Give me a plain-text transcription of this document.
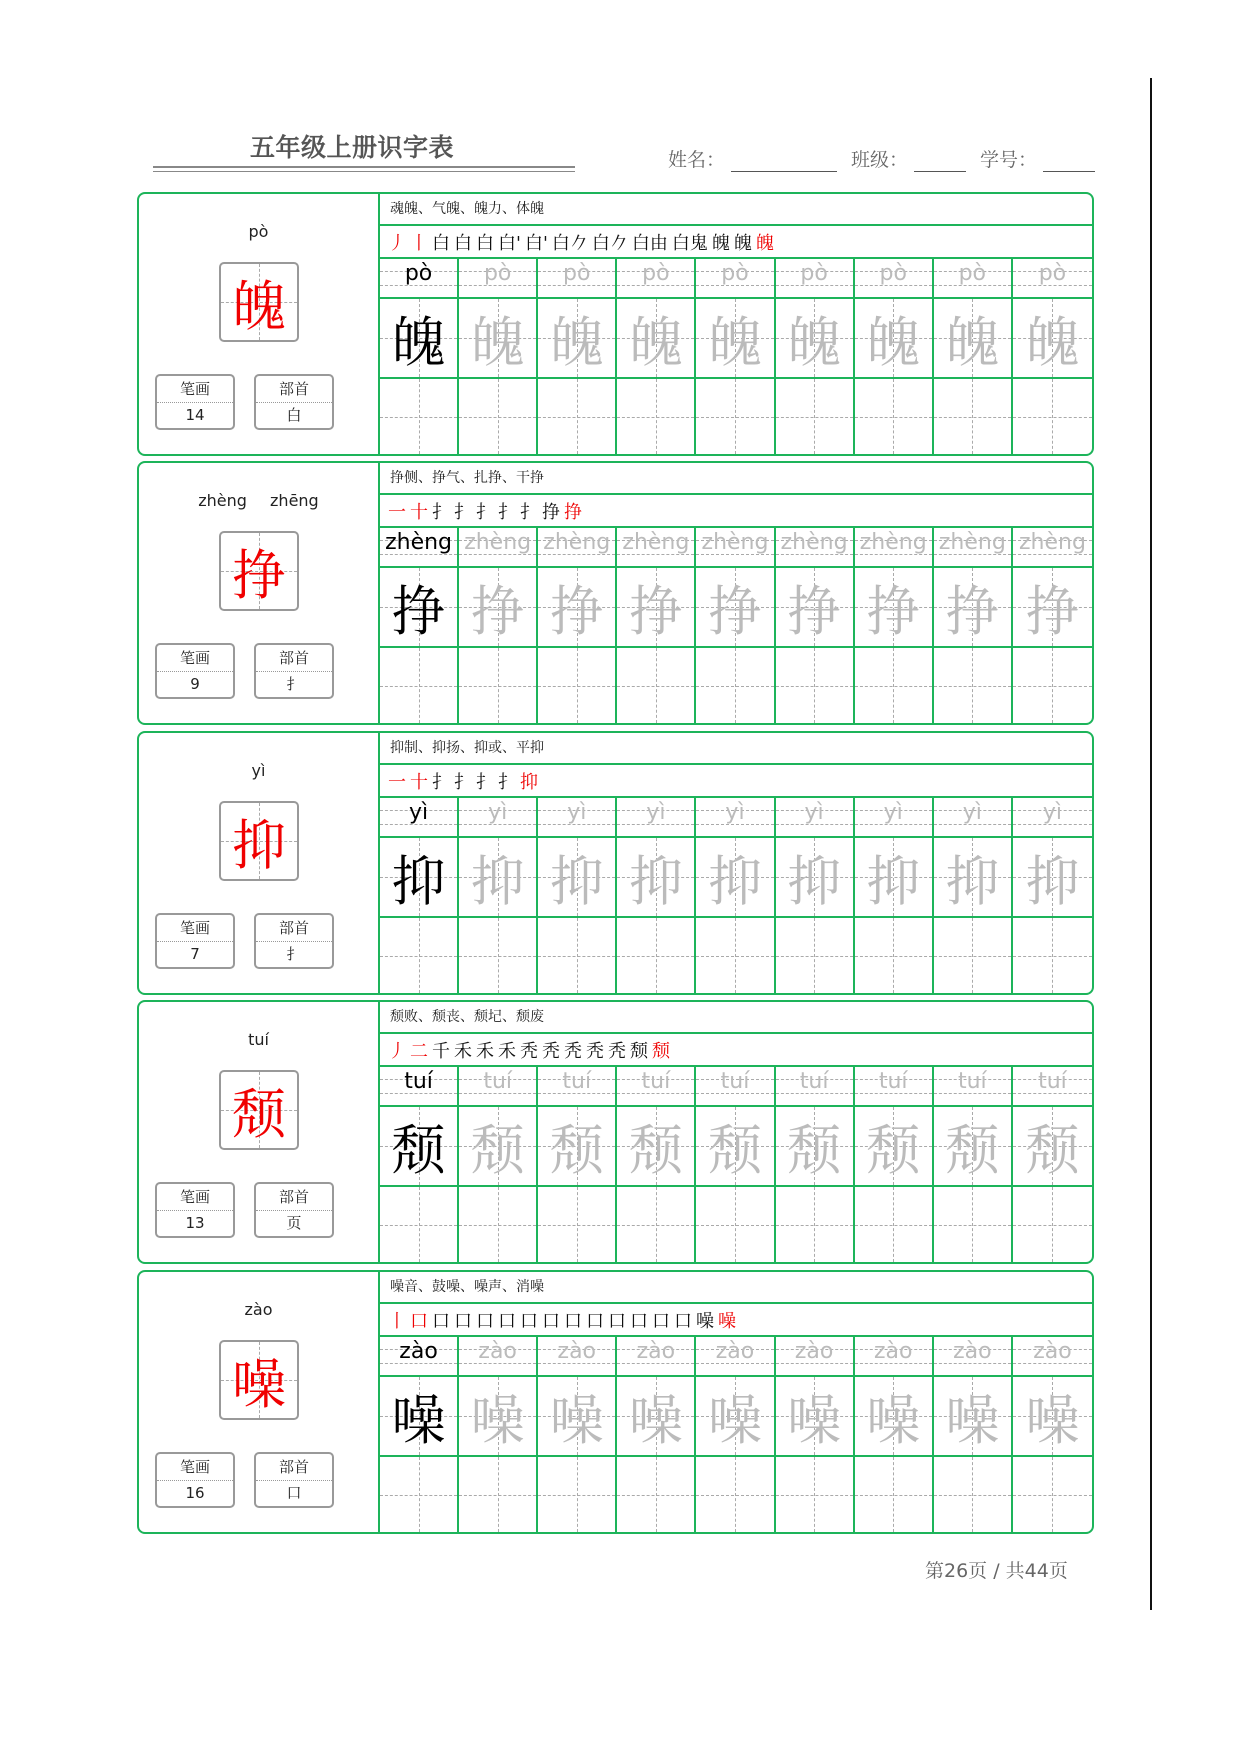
五年级上册识字表	姓名：	班级：	学号：
pò
魄
笔画
14
部首
白
魂魄、气魄、魄力、体魄
丿 丨 白 白 白 白' 白' 白𠂊 白𠂊 白由 白鬼 魄 魄 魄
pò	pò	pò	pò	pò	pò	pò	pò	pò
魄 魄 魄 魄 魄 魄 魄 魄 魄
zhèng zhēng
挣
笔画
9
部首
扌
挣侧、挣气、扎挣、干挣
一 十 扌 扌 扌 扌 扌 挣 挣
zhèng zhèng zhèng zhèng zhèng zhèng zhèng zhèng zhèng
挣 挣 挣 挣 挣 挣 挣 挣 挣
yì
抑
笔画
7
部首
扌
抑制、抑扬、抑或、平抑
一 十 扌 扌 扌 扌 抑
yì	yì	yì	yì	yì	yì	yì	yì	yì
抑 抑 抑 抑 抑 抑 抑 抑 抑
tuí
颓
笔画
13
部首
页
颓败、颓丧、颓圮、颓废
丿 二 千 禾 禾 禾 秃 秃 秃 秃 秃 颓 颓
tuí	tuí	tuí	tuí	tuí	tuí	tuí	tuí	tuí
颓 颓 颓 颓 颓 颓 颓 颓 颓
zào
噪
笔画
16
部首
口
噪音、鼓噪、噪声、消噪
丨 口 口 口 口 口 口 口 口 口 口 口 口 口 噪 噪
zào	zào	zào	zào	zào	zào	zào	zào	zào
噪 噪 噪 噪 噪 噪 噪 噪 噪
第26页 / 共44页
